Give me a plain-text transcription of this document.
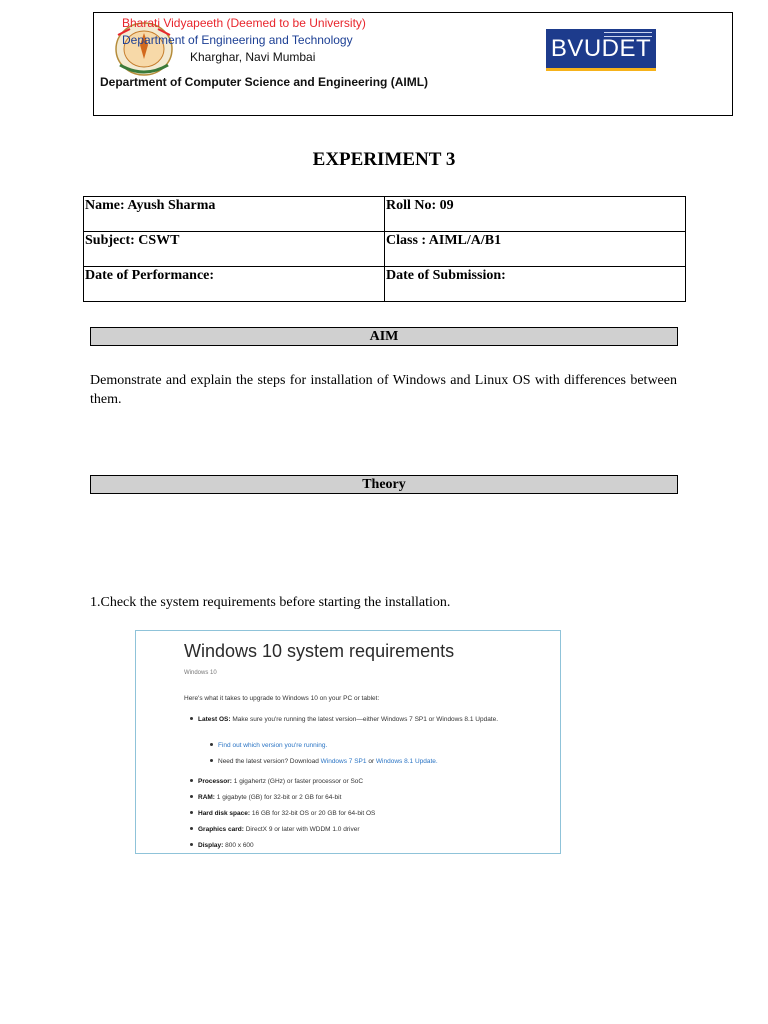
Bharati Vidyapeeth (Deemed to be University)
Department of Engineering and Technology
Kharghar, Navi Mumbai
Department of Computer Science and Engineering (AIML)
BVUDET
EXPERIMENT 3
Name: Ayush Sharma	Roll No: 09
Subject: CSWT	Class : AIML/A/B1
Date of Performance:	Date of Submission:
AIM
Demonstrate and explain the steps for installation of Windows and Linux OS with differences between them.
Theory
1.Check the system requirements before starting the installation.
Windows 10 system requirements
Windows 10
Here's what it takes to upgrade to Windows 10 on your PC or tablet:
Latest OS: Make sure you're running the latest version—either Windows 7 SP1 or Windows 8.1 Update.
Find out which version you're running.
Need the latest version? Download Windows 7 SP1 or Windows 8.1 Update.
Processor: 1 gigahertz (GHz) or faster processor or SoC
RAM: 1 gigabyte (GB) for 32-bit or 2 GB for 64-bit
Hard disk space: 16 GB for 32-bit OS or 20 GB for 64-bit OS
Graphics card: DirectX 9 or later with WDDM 1.0 driver
Display: 800 x 600
